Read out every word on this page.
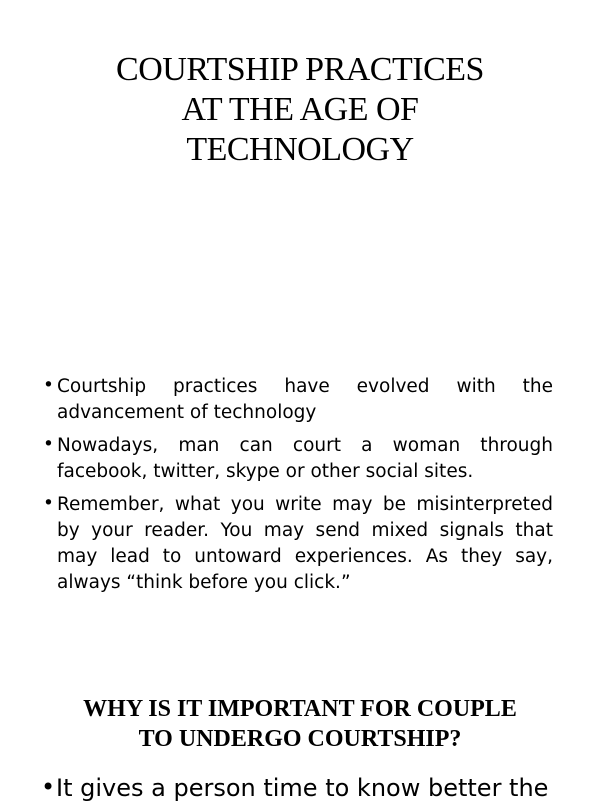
COURTSHIP PRACTICES
AT THE AGE OF
TECHNOLOGY
• Courtship practices have evolved with the advancement of technology
• Nowadays, man can court a woman through facebook, twitter, skype or other social sites.
• Remember, what you write may be misinterpreted by your reader. You may send mixed signals that may lead to untoward experiences. As they say, always “think before you click.”
WHY IS IT IMPORTANT FOR COUPLE
TO UNDERGO COURTSHIP?
• It gives a person time to know better the
